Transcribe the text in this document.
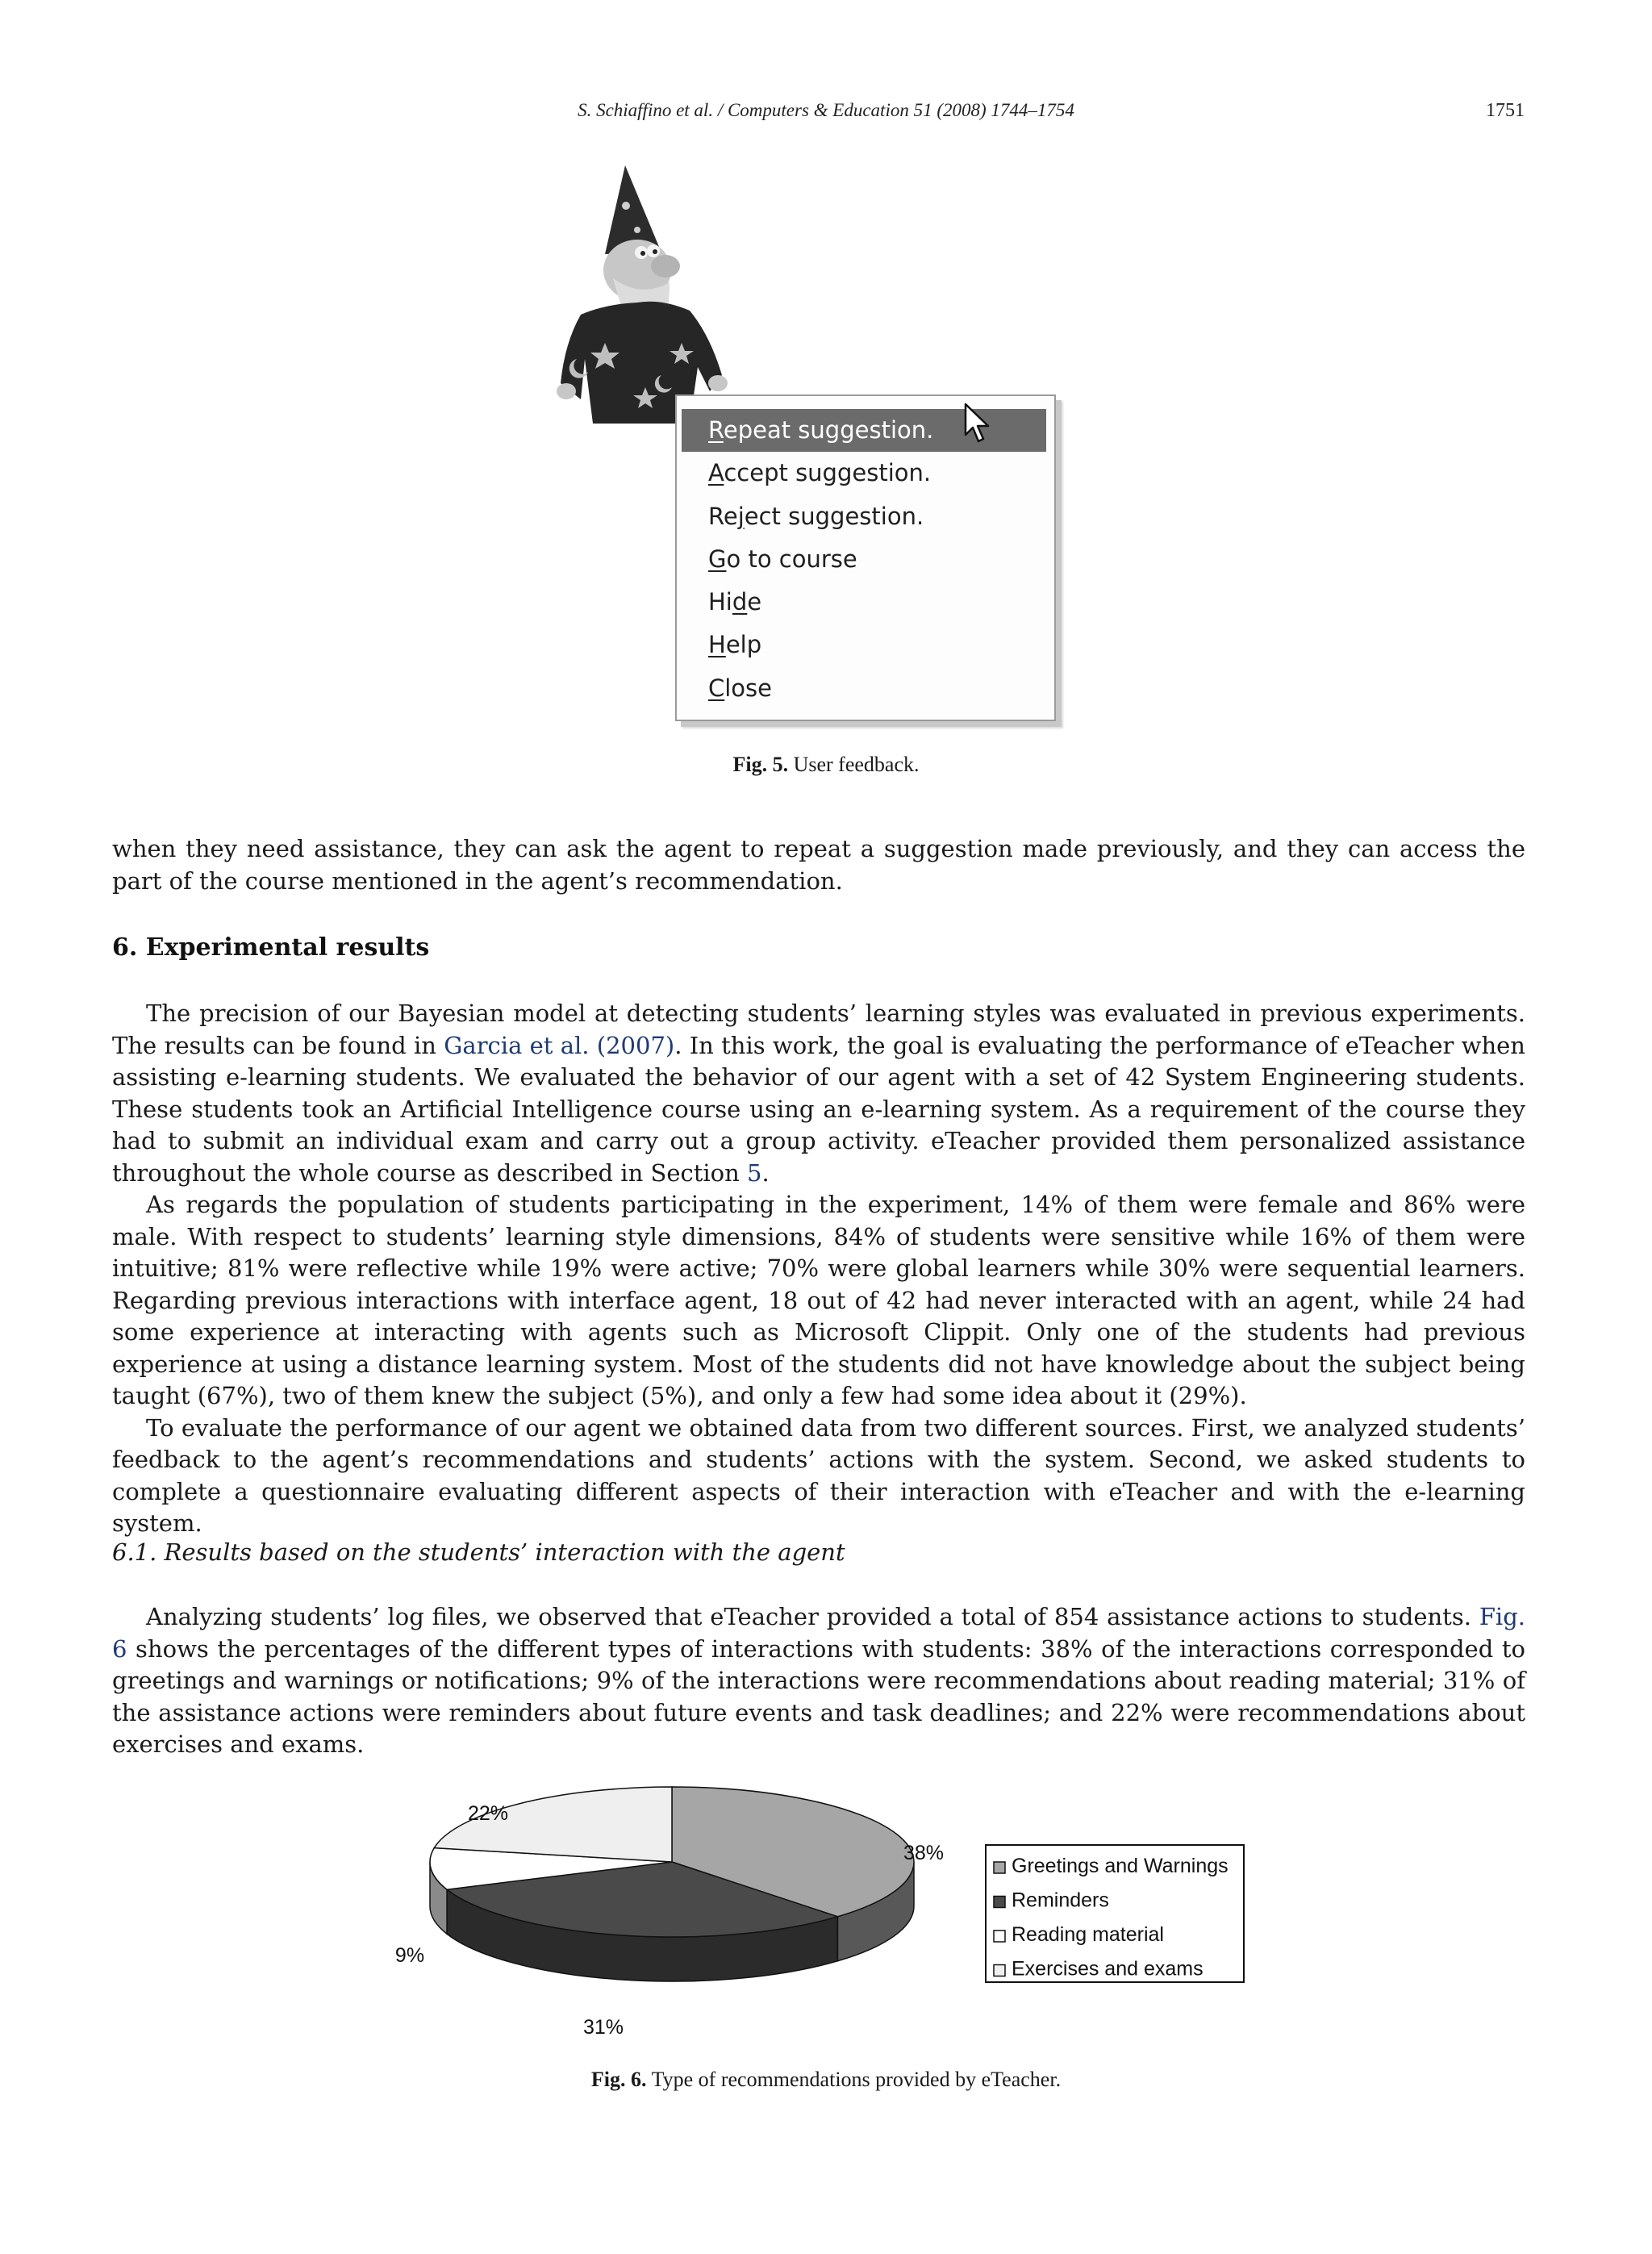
S. Schiaffino et al. / Computers & Education 51 (2008) 1744–1754	1751
Repeat suggestion.
Accept suggestion.
Reject suggestion.
Go to course
Hide
Help
Close
Fig. 5. User feedback.

when they need assistance, they can ask the agent to repeat a suggestion made previously, and they can access the part of the course mentioned in the agent’s recommendation.

6. Experimental results

The precision of our Bayesian model at detecting students’ learning styles was evaluated in previous experiments. The results can be found in Garcia et al. (2007). In this work, the goal is evaluating the performance of eTeacher when assisting e-learning students. We evaluated the behavior of our agent with a set of 42 System Engineering students. These students took an Artificial Intelligence course using an e-learning system. As a requirement of the course they had to submit an individual exam and carry out a group activity. eTeacher provided them personalized assistance throughout the whole course as described in Section 5.

As regards the population of students participating in the experiment, 14% of them were female and 86% were male. With respect to students’ learning style dimensions, 84% of students were sensitive while 16% of them were intuitive; 81% were reflective while 19% were active; 70% were global learners while 30% were sequential learners. Regarding previous interactions with interface agent, 18 out of 42 had never interacted with an agent, while 24 had some experience at interacting with agents such as Microsoft Clippit. Only one of the students had previous experience at using a distance learning system. Most of the students did not have knowledge about the subject being taught (67%), two of them knew the subject (5%), and only a few had some idea about it (29%).

To evaluate the performance of our agent we obtained data from two different sources. First, we analyzed students’ feedback to the agent’s recommendations and students’ actions with the system. Second, we asked students to complete a questionnaire evaluating different aspects of their interaction with eTeacher and with the e-learning system.

6.1. Results based on the students’ interaction with the agent

Analyzing students’ log files, we observed that eTeacher provided a total of 854 assistance actions to students. Fig. 6 shows the percentages of the different types of interactions with students: 38% of the interactions corresponded to greetings and warnings or notifications; 9% of the interactions were recommendations about reading material; 31% of the assistance actions were reminders about future events and task deadlines; and 22% were recommendations about exercises and exams.

38%
31%
9%
22%
Greetings and Warnings
Reminders
Reading material
Exercises and exams
Fig. 6. Type of recommendations provided by eTeacher.
